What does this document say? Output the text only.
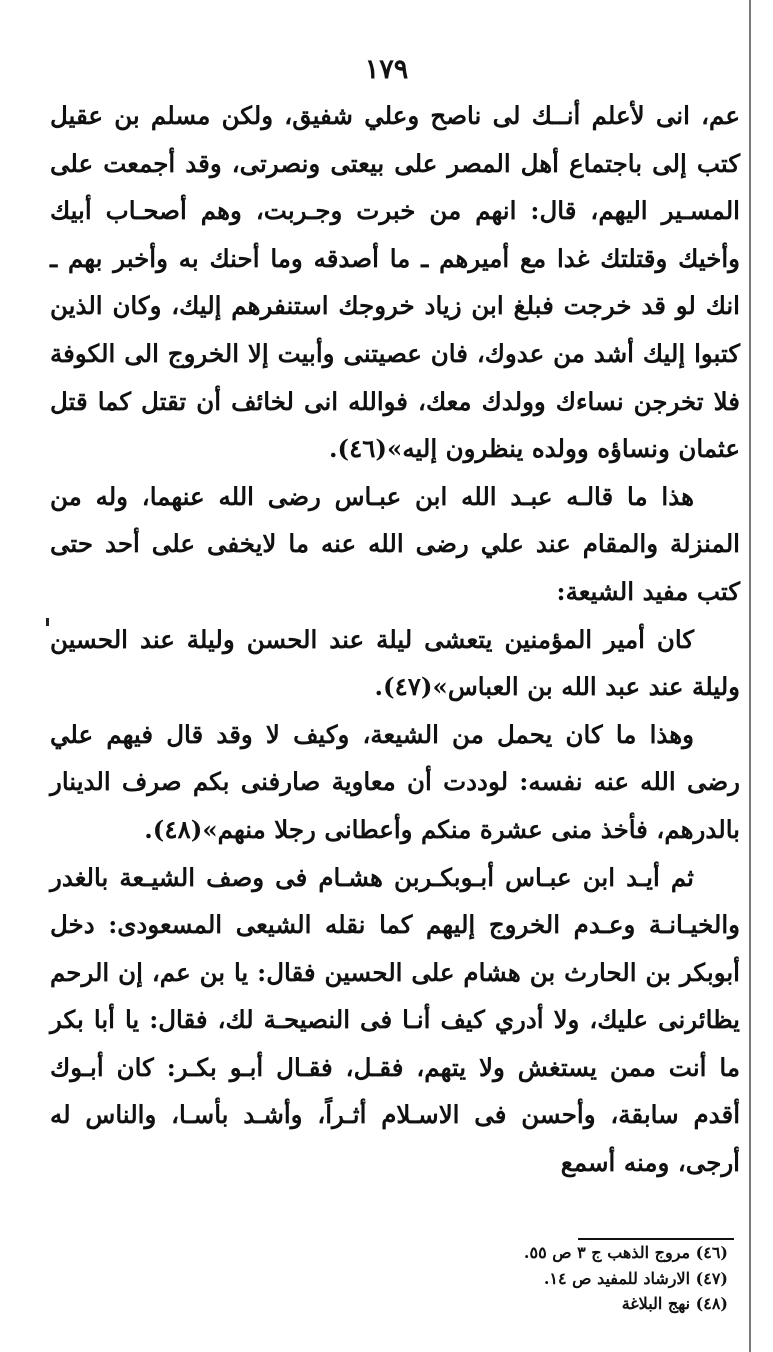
١٧٩

عم، انى لأعلم أنــك لى ناصح وعلي شفيق، ولكن مسلم بن عقيل كتب إلى باجتماع أهل المصر على بيعتى ونصرتى، وقد أجمعت على المسـير اليهم، قال: انهم من خبرت وجـربت، وهم أصحـاب أبيك وأخيك وقتلتك غدا مع أميرهم ـ ما أصدقه وما أحنك به وأخبر بهم ـ انك لو قد خرجت فبلغ ابن زياد خروجك استنفرهم إليك، وكان الذين كتبوا إليك أشد من عدوك، فان عصيتنى وأبيت إلا الخروج الى الكوفة فلا تخرجن نساءك وولدك معك، فوالله انى لخائف أن تقتل كما قتل عثمان ونساؤه وولده ينظرون إليه»(٤٦).

هذا ما قالـه عبـد الله ابن عبـاس رضى الله عنهما، وله من المنزلة والمقام عند علي رضى الله عنه ما لايخفى على أحد حتى كتب مفيد الشيعة:

كان أمير المؤمنين يتعشى ليلة عند الحسن وليلة عند الحسين وليلة عند عبد الله بن العباس»(٤٧).

وهذا ما كان يحمل من الشيعة، وكيف لا وقد قال فيهم علي رضى الله عنه نفسه: لوددت أن معاوية صارفنى بكم صرف الدينار بالدرهم، فأخذ منى عشرة منكم وأعطانى رجلا منهم»(٤٨).

ثم أيـد ابن عبـاس أبـوبكـربن هشـام فى وصف الشيـعة بالغدر والخيـانـة وعـدم الخروج إليهم كما نقله الشيعى المسعودى: دخل أبوبكر بن الحارث بن هشام على الحسين فقال: يا بن عم، إن الرحم يظائرنى عليك، ولا أدري كيف أنـا فى النصيحـة لك، فقال: يا أبا بكر ما أنت ممن يستغش ولا يتهم، فقـل، فقـال أبـو بكـر: كان أبـوك أقدم سابقة، وأحسن فى الاسـلام أثـراً، وأشـد بأسـا، والناس له أرجى، ومنه أسمع

(٤٦) مروج الذهب ج ٣ ص ٥٥.
(٤٧) الارشاد للمفيد ص ١٤.
(٤٨) نهج البلاغة
